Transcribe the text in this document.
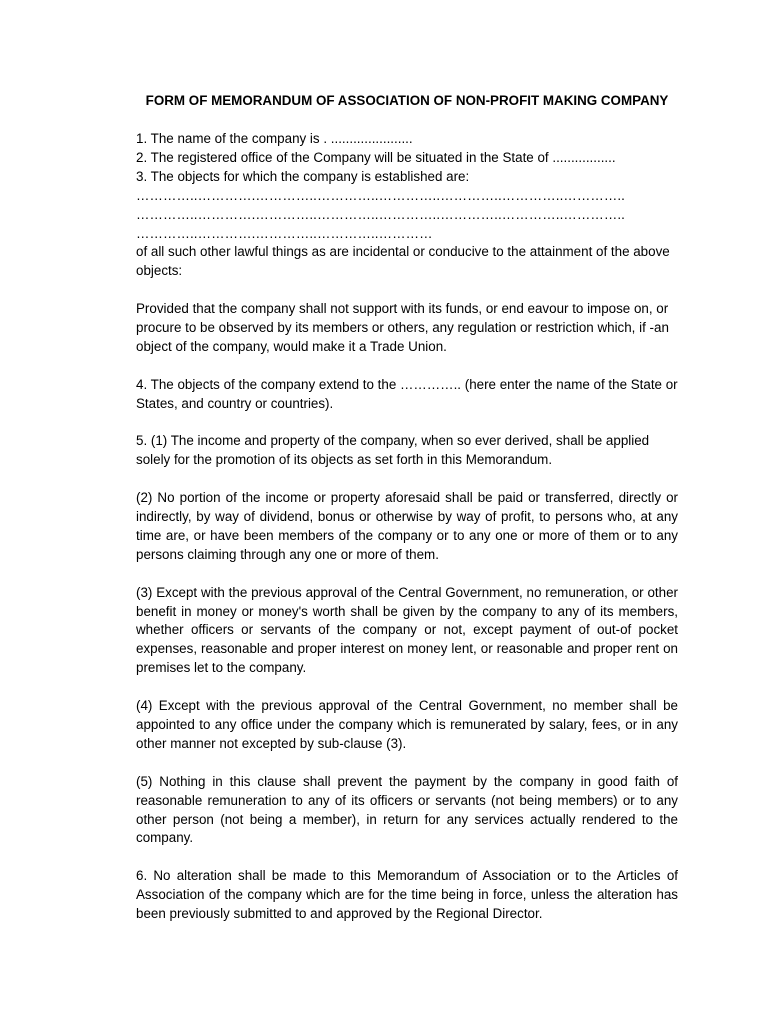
FORM OF MEMORANDUM OF ASSOCIATION OF NON-PROFIT MAKING COMPANY

1. The name of the company is . ......................

2. The registered office of the Company will be situated in the State of .................

3. The objects for which the company is established are:

…………..………….…………..…………..…………..…………..…………..…………..

…………..………….…………..…………..…………..…………..…………..…………..

…………..………….…………..…………..…………

of all such other lawful things as are incidental or conducive to the attainment of the above objects:

Provided that the company shall not support with its funds, or end eavour to impose on, or procure to be observed by its members or others, any regulation or restriction which, if -an object of the company, would make it a Trade Union.

4. The objects of the company extend to the ………….. (here enter the name of the State or States, and country or countries).

5. (1) The income and property of the company, when so ever derived, shall be applied solely for the promotion of its objects as set forth in this Memorandum.

(2) No portion of the income or property aforesaid shall be paid or transferred, directly or indirectly, by way of dividend, bonus or otherwise by way of profit, to persons who, at any time are, or have been members of the company or to any one or more of them or to any persons claiming through any one or more of them.

(3) Except with the previous approval of the Central Government, no remuneration, or other benefit in money or money's worth shall be given by the company to any of its members, whether officers or servants of the company or not, except payment of out-of pocket expenses, reasonable and proper interest on money lent, or reasonable and proper rent on premises let to the company.

(4) Except with the previous approval of the Central Government, no member shall be appointed to any office under the company which is remunerated by salary, fees, or in any other manner not excepted by sub-clause (3).

(5) Nothing in this clause shall prevent the payment by the company in good faith of reasonable remuneration to any of its officers or servants (not being members) or to any other person (not being a member), in return for any services actually rendered to the company.

6. No alteration shall be made to this Memorandum of Association or to the Articles of Association of the company which are for the time being in force, unless the alteration has been previously submitted to and approved by the Regional Director.
